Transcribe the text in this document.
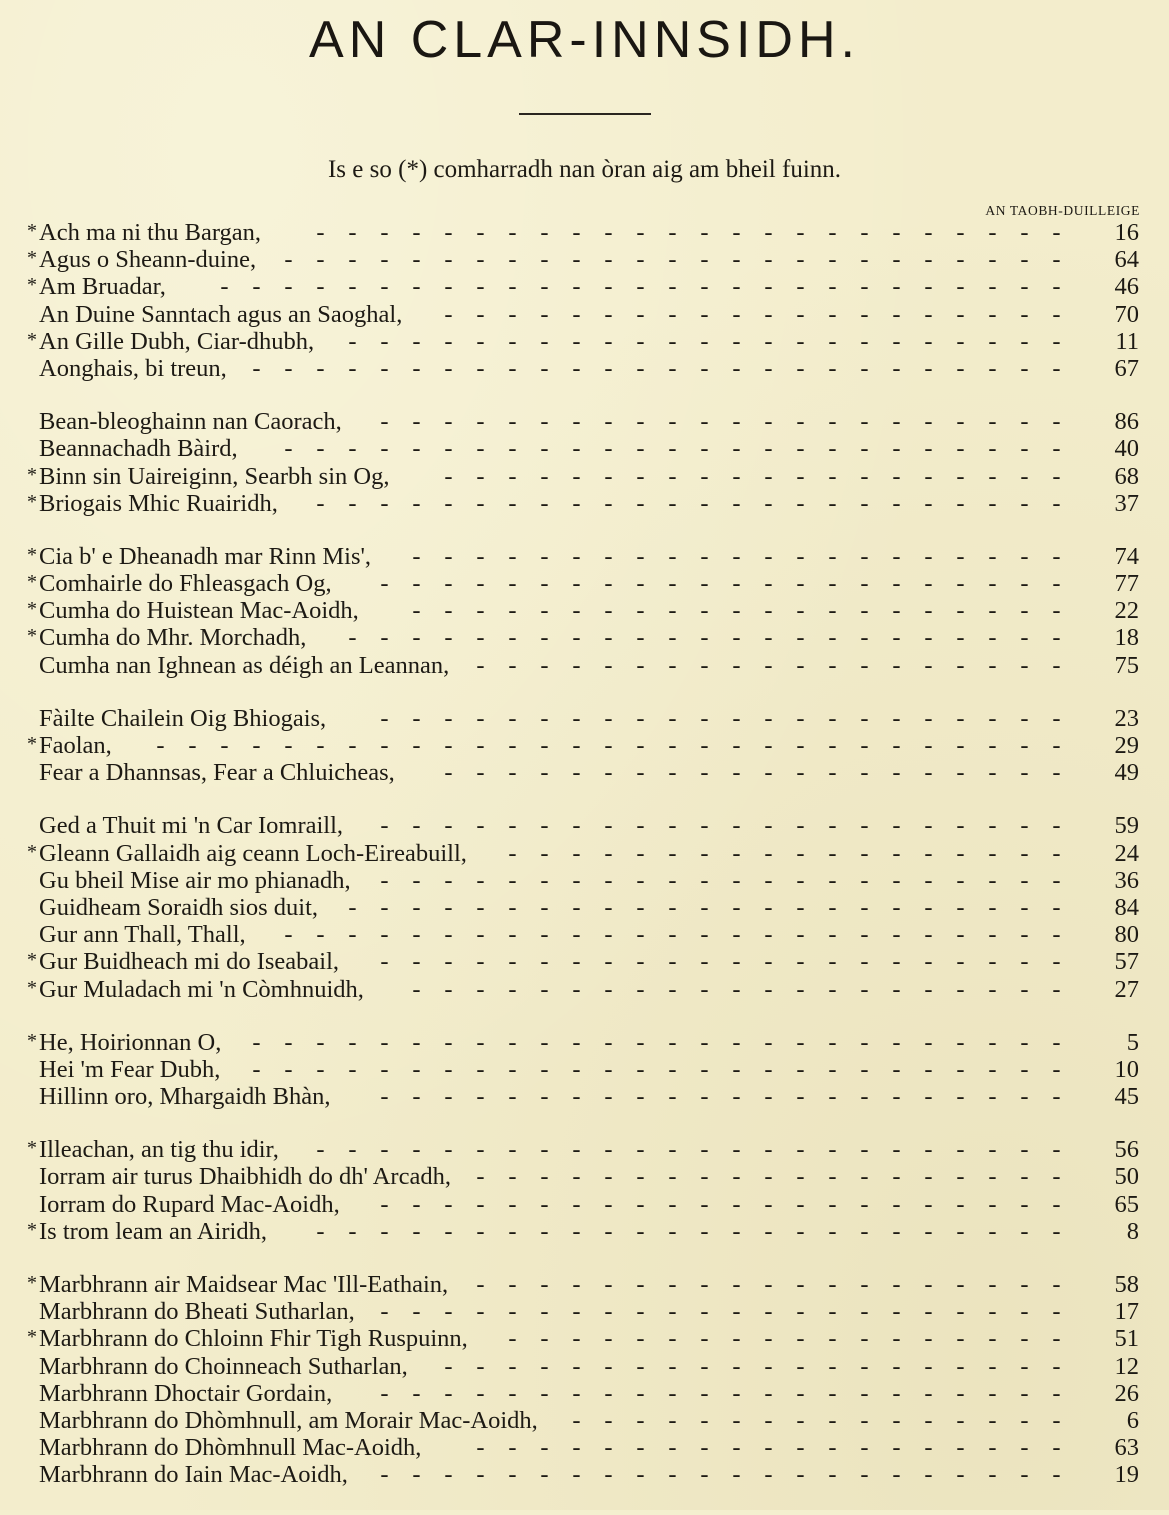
AN CLAR-INNSIDH.
Is e so (*) comharradh nan òran aig am bheil fuinn.
AN TAOBH-DUILLEIGE
* Ach ma ni thu Bargan,	- - - - - - - - - - - - - - - - - - - - - - - -	16
* Agus o Sheann-duine,	- - - - - - - - - - - - - - - - - - - - - - - - -	64
* Am Bruadar,	- - - - - - - - - - - - - - - - - - - - - - - - - - -	46
An Duine Sanntach agus an Saoghal,	- - - - - - - - - - - - - - - - - - - -	70
* An Gille Dubh, Ciar-dhubh,	- - - - - - - - - - - - - - - - - - - - - - -	11
Aonghais, bi treun,	- - - - - - - - - - - - - - - - - - - - - - - - - -	67
Bean-bleoghainn nan Caorach,	- - - - - - - - - - - - - - - - - - - - - -	86
Beannachadh Bàird,	- - - - - - - - - - - - - - - - - - - - - - - - -	40
* Binn sin Uaireiginn, Searbh sin Og,	- - - - - - - - - - - - - - - - - - - -	68
* Briogais Mhic Ruairidh,	- - - - - - - - - - - - - - - - - - - - - - - -	37
* Cia b' e Dheanadh mar Rinn Mis',	- - - - - - - - - - - - - - - - - - - - -	74
* Comhairle do Fhleasgach Og,	- - - - - - - - - - - - - - - - - - - - - -	77
* Cumha do Huistean Mac-Aoidh,	- - - - - - - - - - - - - - - - - - - - -	22
* Cumha do Mhr. Morchadh,	- - - - - - - - - - - - - - - - - - - - - - -	18
Cumha nan Ighnean as déigh an Leannan,	- - - - - - - - - - - - - - - - - - -	75
Fàilte Chailein Oig Bhiogais,	- - - - - - - - - - - - - - - - - - - - - -	23
* Faolan,	- - - - - - - - - - - - - - - - - - - - - - - - - - - - -	29
Fear a Dhannsas, Fear a Chluicheas,	- - - - - - - - - - - - - - - - - - - -	49
Ged a Thuit mi 'n Car Iomraill,	- - - - - - - - - - - - - - - - - - - - - -	59
* Gleann Gallaidh aig ceann Loch-Eireabuill,	- - - - - - - - - - - - - - - - - -	24
Gu bheil Mise air mo phianadh,	- - - - - - - - - - - - - - - - - - - - - -	36
Guidheam Soraidh sios duit,	- - - - - - - - - - - - - - - - - - - - - - -	84
Gur ann Thall, Thall,	- - - - - - - - - - - - - - - - - - - - - - - - -	80
* Gur Buidheach mi do Iseabail,	- - - - - - - - - - - - - - - - - - - - - -	57
* Gur Muladach mi 'n Còmhnuidh,	- - - - - - - - - - - - - - - - - - - - -	27
* He, Hoirionnan O,	- - - - - - - - - - - - - - - - - - - - - - - - - -	5
Hei 'm Fear Dubh,	- - - - - - - - - - - - - - - - - - - - - - - - - -	10
Hillinn oro, Mhargaidh Bhàn,	- - - - - - - - - - - - - - - - - - - - - -	45
* Illeachan, an tig thu idir,	- - - - - - - - - - - - - - - - - - - - - - - -	56
Iorram air turus Dhaibhidh do dh' Arcadh,	- - - - - - - - - - - - - - - - - - -	50
Iorram do Rupard Mac-Aoidh,	- - - - - - - - - - - - - - - - - - - - - -	65
* Is trom leam an Airidh,	- - - - - - - - - - - - - - - - - - - - - - - -	8
* Marbhrann air Maidsear Mac 'Ill-Eathain,	- - - - - - - - - - - - - - - - - - -	58
Marbhrann do Bheati Sutharlan,	- - - - - - - - - - - - - - - - - - - - - -	17
* Marbhrann do Chloinn Fhir Tigh Ruspuinn,	- - - - - - - - - - - - - - - - - -	51
Marbhrann do Choinneach Sutharlan,	- - - - - - - - - - - - - - - - - - - -	12
Marbhrann Dhoctair Gordain,	- - - - - - - - - - - - - - - - - - - - - -	26
Marbhrann do Dhòmhnull, am Morair Mac-Aoidh,	- - - - - - - - - - - - - - - -	6
Marbhrann do Dhòmhnull Mac-Aoidh,	- - - - - - - - - - - - - - - - - - -	63
Marbhrann do Iain Mac-Aoidh,	- - - - - - - - - - - - - - - - - - - - - -	19
